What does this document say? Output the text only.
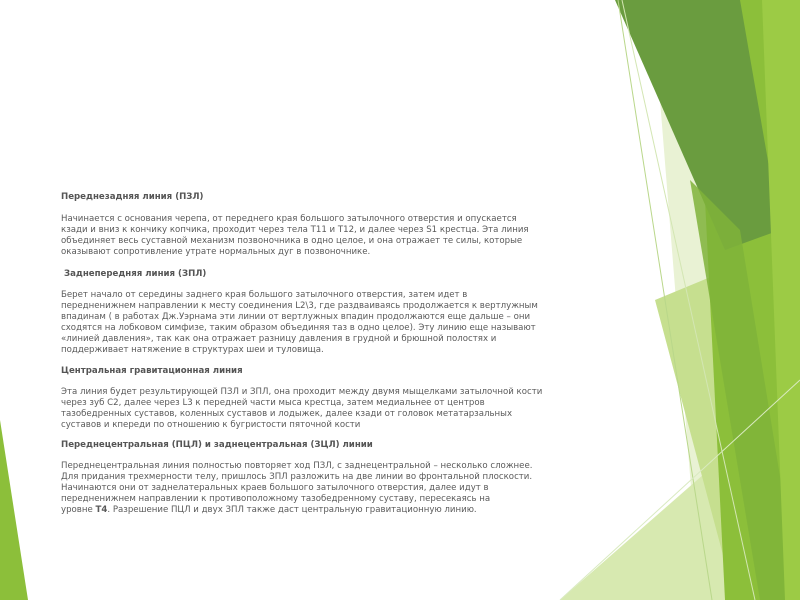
Переднезадняя линия (ПЗЛ)

Начинается с основания черепа, от переднего края большого затылочного отверстия и опускается

кзади и вниз к кончику копчика, проходит через тела T11 и T12, и далее через S1 крестца. Эта линия

объединяет весь суставной механизм позвоночника в одно целое, и она отражает те силы, которые

оказывают сопротивление утрате нормальных дуг в позвоночнике.

Заднепередняя линия (ЗПЛ)

Берет начало от середины заднего края большого затылочного отверстия, затем идет в

передненижнем направлении к месту соединения L2\3, где раздваиваясь продолжается к вертлужным

впадинам ( в работах Дж.Уэрнама эти линии от вертлужных впадин продолжаются еще дальше – они

сходятся на лобковом симфизе, таким образом объединяя таз в одно целое). Эту линию еще называют

«линией давления», так как она отражает разницу давления в грудной и брюшной полостях и

поддерживает натяжение в структурах шеи и туловища.

Центральная гравитационная линия

Эта линия будет результирующей ПЗЛ и ЗПЛ, она проходит между двумя мыщелками затылочной кости

через зуб С2, далее через L3 к передней части мыса крестца, затем медиальнее от центров

тазобедренных суставов, коленных суставов и лодыжек, далее кзади от головок метатарзальных

суставов и кпереди по отношению к бугристости пяточной кости

Переднецентральная (ПЦЛ) и заднецентральная (ЗЦЛ) линии

Переднецентральная линия полностью повторяет ход ПЗЛ, с заднецентральной – несколько сложнее.

Для придания трехмерности телу, пришлось ЗПЛ разложить на две линии во фронтальной плоскости.

Начинаются они от заднелатеральных краев большого затылочного отверстия, далее идут в

передненижнем направлении к противоположному тазобедренному суставу, пересекаясь на

уровне Т4. Разрешение ПЦЛ и двух ЗПЛ также даст центральную гравитационную линию.
